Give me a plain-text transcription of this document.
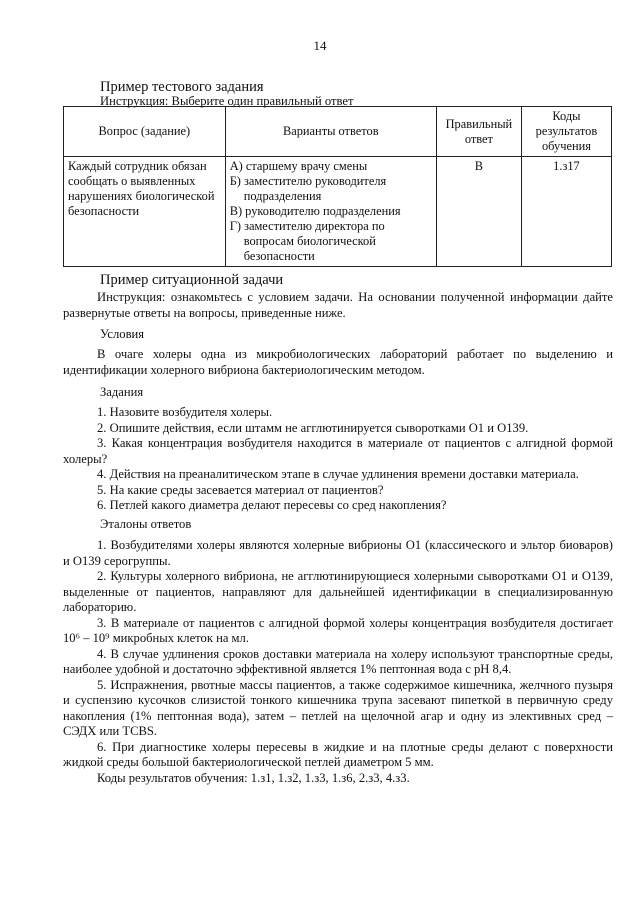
14
Пример тестового задания
Инструкция: Выберите один правильный ответ
Вопрос (задание)	Варианты ответов	Правильный ответ	Коды результатов обучения
Каждый сотрудник обязан сообщать о выявленных нарушениях биологической безопасности	А) старшему врачу смены
Б) заместителю руководителя подразделения
В) руководителю подразделения
Г) заместителю директора по вопросам биологической безопасности	В	1.з17
Пример ситуационной задачи

Инструкция: ознакомьтесь с условием задачи. На основании полученной информации дайте развернутые ответы на вопросы, приведенные ниже.

Условия

В очаге холеры одна из микробиологических лабораторий работает по выделению и идентификации холерного вибриона бактериологическим методом.

Задания

1. Назовите возбудителя холеры.

2. Опишите действия, если штамм не агглютинируется сыворотками О1 и О139.

3. Какая концентрация возбудителя находится в материале от пациентов с алгидной формой холеры?

4. Действия на преаналитическом этапе в случае удлинения времени доставки материала.

5. На какие среды засевается материал от пациентов?

6. Петлей какого диаметра делают пересевы со сред накопления?

Эталоны ответов

1. Возбудителями холеры являются холерные вибрионы О1 (классического и эльтор биоваров) и О139 серогруппы.

2. Культуры холерного вибриона, не агглютинирующиеся холерными сыворотками О1 и О139, выделенные от пациентов, направляют для дальнейшей идентификации в специализированную лабораторию.

3. В материале от пациентов с алгидной формой холеры концентрация возбудителя достигает 10⁶ – 10⁹ микробных клеток на мл.

4. В случае удлинения сроков доставки материала на холеру используют транспортные среды, наиболее удобной и достаточно эффективной является 1% пептонная вода с рН 8,4.

5. Испражнения, рвотные массы пациентов, а также содержимое кишечника, желчного пузыря и суспензию кусочков слизистой тонкого кишечника трупа засевают пипеткой в первичную среду накопления (1% пептонная вода), затем – петлей на щелочной агар и одну из элективных сред – СЭДХ или TCBS.

6. При диагностике холеры пересевы в жидкие и на плотные среды делают с поверхности жидкой среды большой бактериологической петлей диаметром 5 мм.

Коды результатов обучения: 1.з1, 1.з2, 1.з3, 1.з6, 2.з3, 4.з3.
